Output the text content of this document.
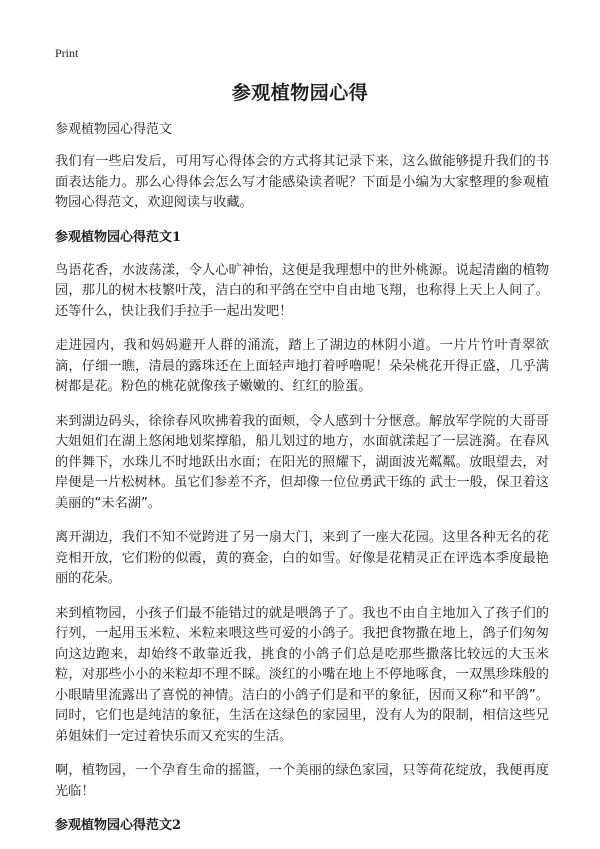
Print
参观植物园心得

参观植物园心得范文

我们有一些启发后，可用写心得体会的方式将其记录下来，这么做能够提升我们的书面表达能力。那么心得体会怎么写才能感染读者呢？下面是小编为大家整理的参观植物园心得范文，欢迎阅读与收藏。

参观植物园心得范文1

鸟语花香，水波荡漾，令人心旷神怡，这便是我理想中的世外桃源。说起清幽的植物园，那儿的树木枝繁叶茂，洁白的和平鸽在空中自由地飞翔，也称得上天上人间了。还等什么，快让我们手拉手一起出发吧！

走进园内，我和妈妈避开人群的涌流，踏上了湖边的林阴小道。一片片竹叶青翠欲滴，仔细一瞧，清晨的露珠还在上面轻声地打着呼噜呢！朵朵桃花开得正盛，几乎满树都是花。粉色的桃花就像孩子嫩嫩的、红红的脸蛋。

来到湖边码头，徐徐春风吹拂着我的面颊，令人感到十分惬意。解放军学院的大哥哥大姐姐们在湖上悠闲地划桨撑船，船儿划过的地方，水面就漾起了一层涟漪。在春风的伴舞下，水珠儿不时地跃出水面；在阳光的照耀下，湖面波光粼粼。放眼望去，对岸便是一片松树林。虽它们参差不齐，但却像一位位勇武干练的 武士一般，保卫着这美丽的“未名湖”。

离开湖边，我们不知不觉跨进了另一扇大门，来到了一座大花园。这里各种无名的花竞相开放，它们粉的似霞，黄的赛金，白的如雪。好像是花精灵正在评选本季度最艳丽的花朵。

来到植物园，小孩子们最不能错过的就是喂鸽子了。我也不由自主地加入了孩子们的行列，一起用玉米粒、米粒来喂这些可爱的小鸽子。我把食物撒在地上，鸽子们匆匆向这边跑来，却始终不敢靠近我，挑食的小鸽子们总是吃那些撒落比较远的大玉米粒，对那些小小的米粒却不理不睬。淡红的小嘴在地上不停地啄食，一双黑珍珠般的小眼睛里流露出了喜悦的神情。洁白的小鸽子们是和平的象征，因而又称“和平鸽”。同时，它们也是纯洁的象征，生活在这绿色的家园里，没有人为的限制，相信这些兄弟姐妹们一定过着快乐而又充实的生活。

啊，植物园，一个孕育生命的摇篮，一个美丽的绿色家园，只等荷花绽放，我便再度光临！

参观植物园心得范文2
